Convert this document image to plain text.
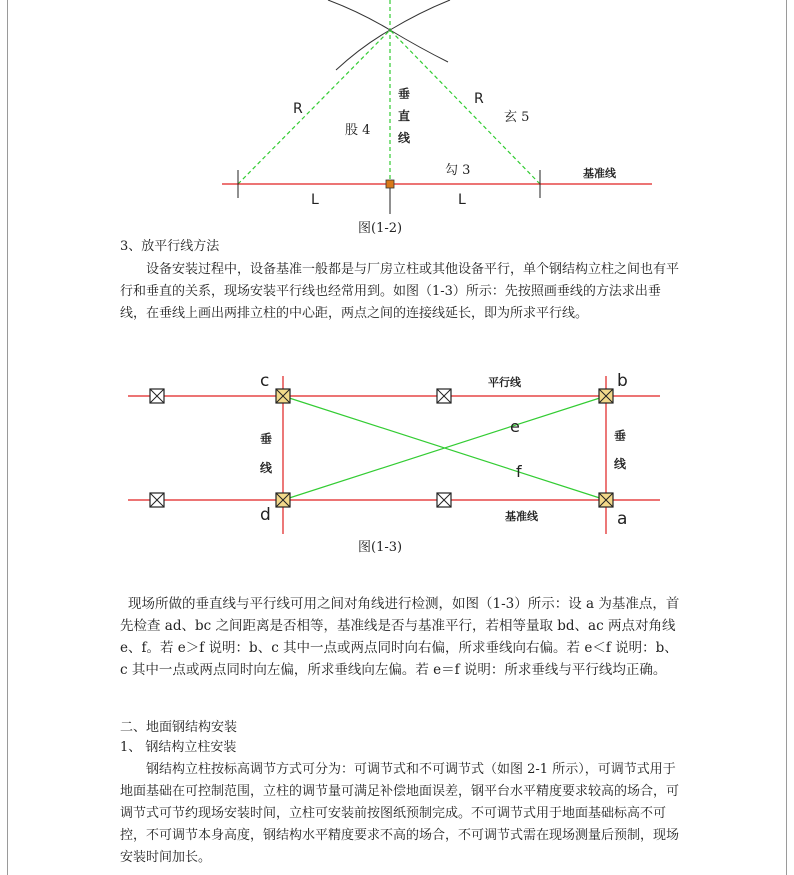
R
R
股 4
玄 5
勾 3
垂
直
线
基准线
L	L
图(1-2)

3、放平行线方法

设备安装过程中，设备基准一般都是与厂房立柱或其他设备平行，单个钢结构立柱之间也有平行和垂直的关系，现场安装平行线也经常用到。如图（1-3）所示：先按照画垂线的方法求出垂线，在垂线上画出两排立柱的中心距，两点之间的连接线延长，即为所求平行线。

c	b
d	a
e
f
平行线
基准线
垂
线
垂
线
图(1-3)

现场所做的垂直线与平行线可用之间对角线进行检测，如图（1-3）所示：设 a 为基准点，首先检查 ad、bc 之间距离是否相等，基准线是否与基准平行，若相等量取 bd、ac 两点对角线 e、f。若 e＞f 说明：b、c 其中一点或两点同时向右偏，所求垂线向右偏。若 e＜f 说明：b、c 其中一点或两点同时向左偏，所求垂线向左偏。若 e＝f 说明：所求垂线与平行线均正确。

二、地面钢结构安装

1、 钢结构立柱安装

钢结构立柱按标高调节方式可分为：可调节式和不可调节式（如图 2-1 所示），可调节式用于地面基础在可控制范围，立柱的调节量可满足补偿地面误差，钢平台水平精度要求较高的场合，可调节式可节约现场安装时间，立柱可安装前按图纸预制完成。不可调节式用于地面基础标高不可控，不可调节本身高度，钢结构水平精度要求不高的场合，不可调节式需在现场测量后预制，现场安装时间加长。
